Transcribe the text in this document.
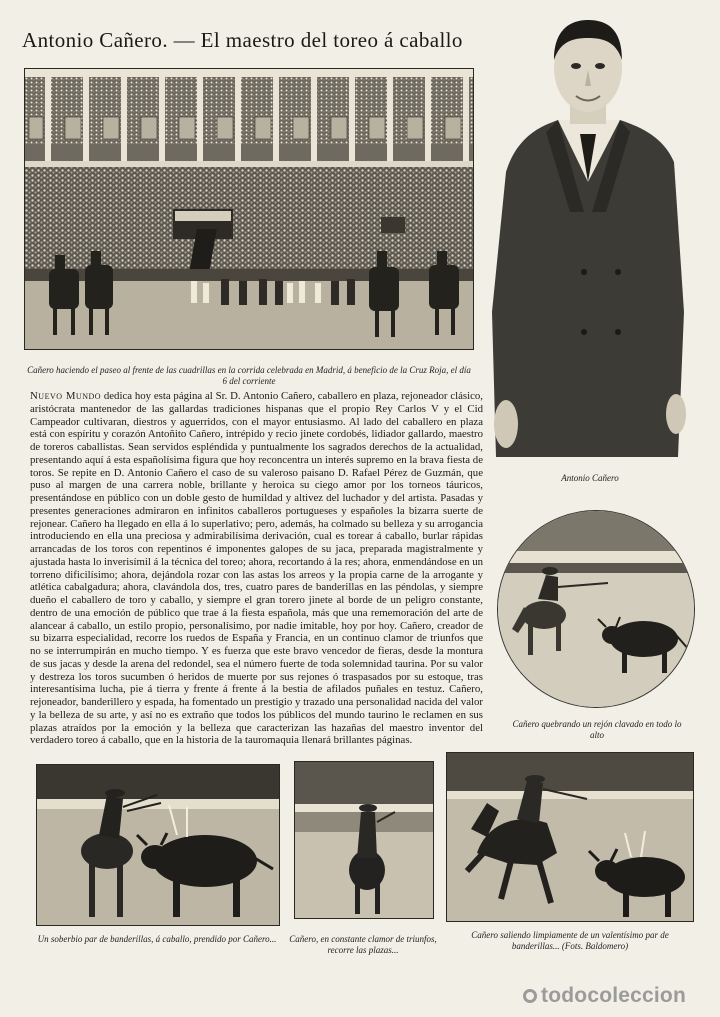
Antonio Cañero. — El maestro del toreo á caballo
Cañero haciendo el paseo al frente de las cuadrillas en la corrida celebrada en Madrid, á beneficio de la Cruz Roja, el día 6 del corriente
Antonio Cañero
Nuevo Mundo dedica hoy esta página al Sr. D. Antonio Cañero, caballero en plaza, rejoneador clásico, aristócrata mantenedor de las gallardas tradiciones hispanas que el propio Rey Carlos V y el Cid Campeador cultivaran, diestros y aguerridos, con el mayor entusiasmo. Al lado del caballero en plaza está con espíritu y corazón Antoñito Cañero, intrépido y recio jinete cordobés, lidiador gallardo, maestro de toreros caballistas. Sean servidos espléndida y puntualmente los sagrados derechos de la actualidad, presentando aquí á esta españolísima figura que hoy reconcentra un interés supremo en la brava fiesta de toros. Se repite en D. Antonio Cañero el caso de su valeroso paisano D. Rafael Pérez de Guzmán, que puso al margen de una carrera noble, brillante y heroica su ciego amor por los torneos táuricos, presentándose en público con un doble gesto de humildad y altivez del luchador y del artista. Pasadas y presentes generaciones admiraron en infinitos caballeros portugueses y españoles la bizarra suerte de rejonear. Cañero ha llegado en ella á lo superlativo; pero, además, ha colmado su belleza y su arrogancia introduciendo en ella una preciosa y admirabilísima derivación, cual es torear á caballo, burlar rápidas arrancadas de los toros con repentinos é imponentes galopes de su jaca, preparada magistralmente y ajustada hasta lo inverisímil á la técnica del toreo; ahora, recortando á la res; ahora, enmendándose en un torreno dificilísimo; ahora, dejándola rozar con las astas los arreos y la propia carne de la arrogante y atlética cabalgadura; ahora, clavándola dos, tres, cuatro pares de banderillas en las péndolas, y siempre dueño el caballero de toro y caballo, y siempre el gran torero jinete al borde de un peligro constante, dentro de una emoción de público que trae á la fiesta española, más que una rememoración del arte de alancear á caballo, un estilo propio, personalísimo, por nadie imitable, hoy por hoy. Cañero, creador de su bizarra especialidad, recorre los ruedos de España y Francia, en un continuo clamor de triunfos que no se interrumpirán en mucho tiempo. Y es fuerza que este bravo vencedor de fieras, desde la montura de sus jacas y desde la arena del redondel, sea el número fuerte de toda solemnidad taurina. Por su valor y destreza los toros sucumben ó heridos de muerte por sus rejones ó traspasados por su estoque, tras interesantísima lucha, pie á tierra y frente á frente á la bestia de afilados puñales en testuz. Cañero, rejoneador, banderillero y espada, ha fomentado un prestigio y trazado una personalidad nacida del valor y la belleza de su arte, y así no es extraño que todos los públicos del mundo taurino le reclamen en sus plazas atraídos por la emoción y la belleza que caracterizan las hazañas del maestro inventor del verdadero toreo á caballo, que en la historia de la tauromaquia llenará brillantes páginas.
Cañero quebrando un rejón clavado en todo lo alto
Un soberbio par de banderillas, á caballo, prendido por Cañero...	Cañero, en constante clamor de triunfos, recorre las plazas...
Cañero saliendo limpiamente de un valentísimo par de banderillas... (Fots. Baldomero)
todocoleccion
